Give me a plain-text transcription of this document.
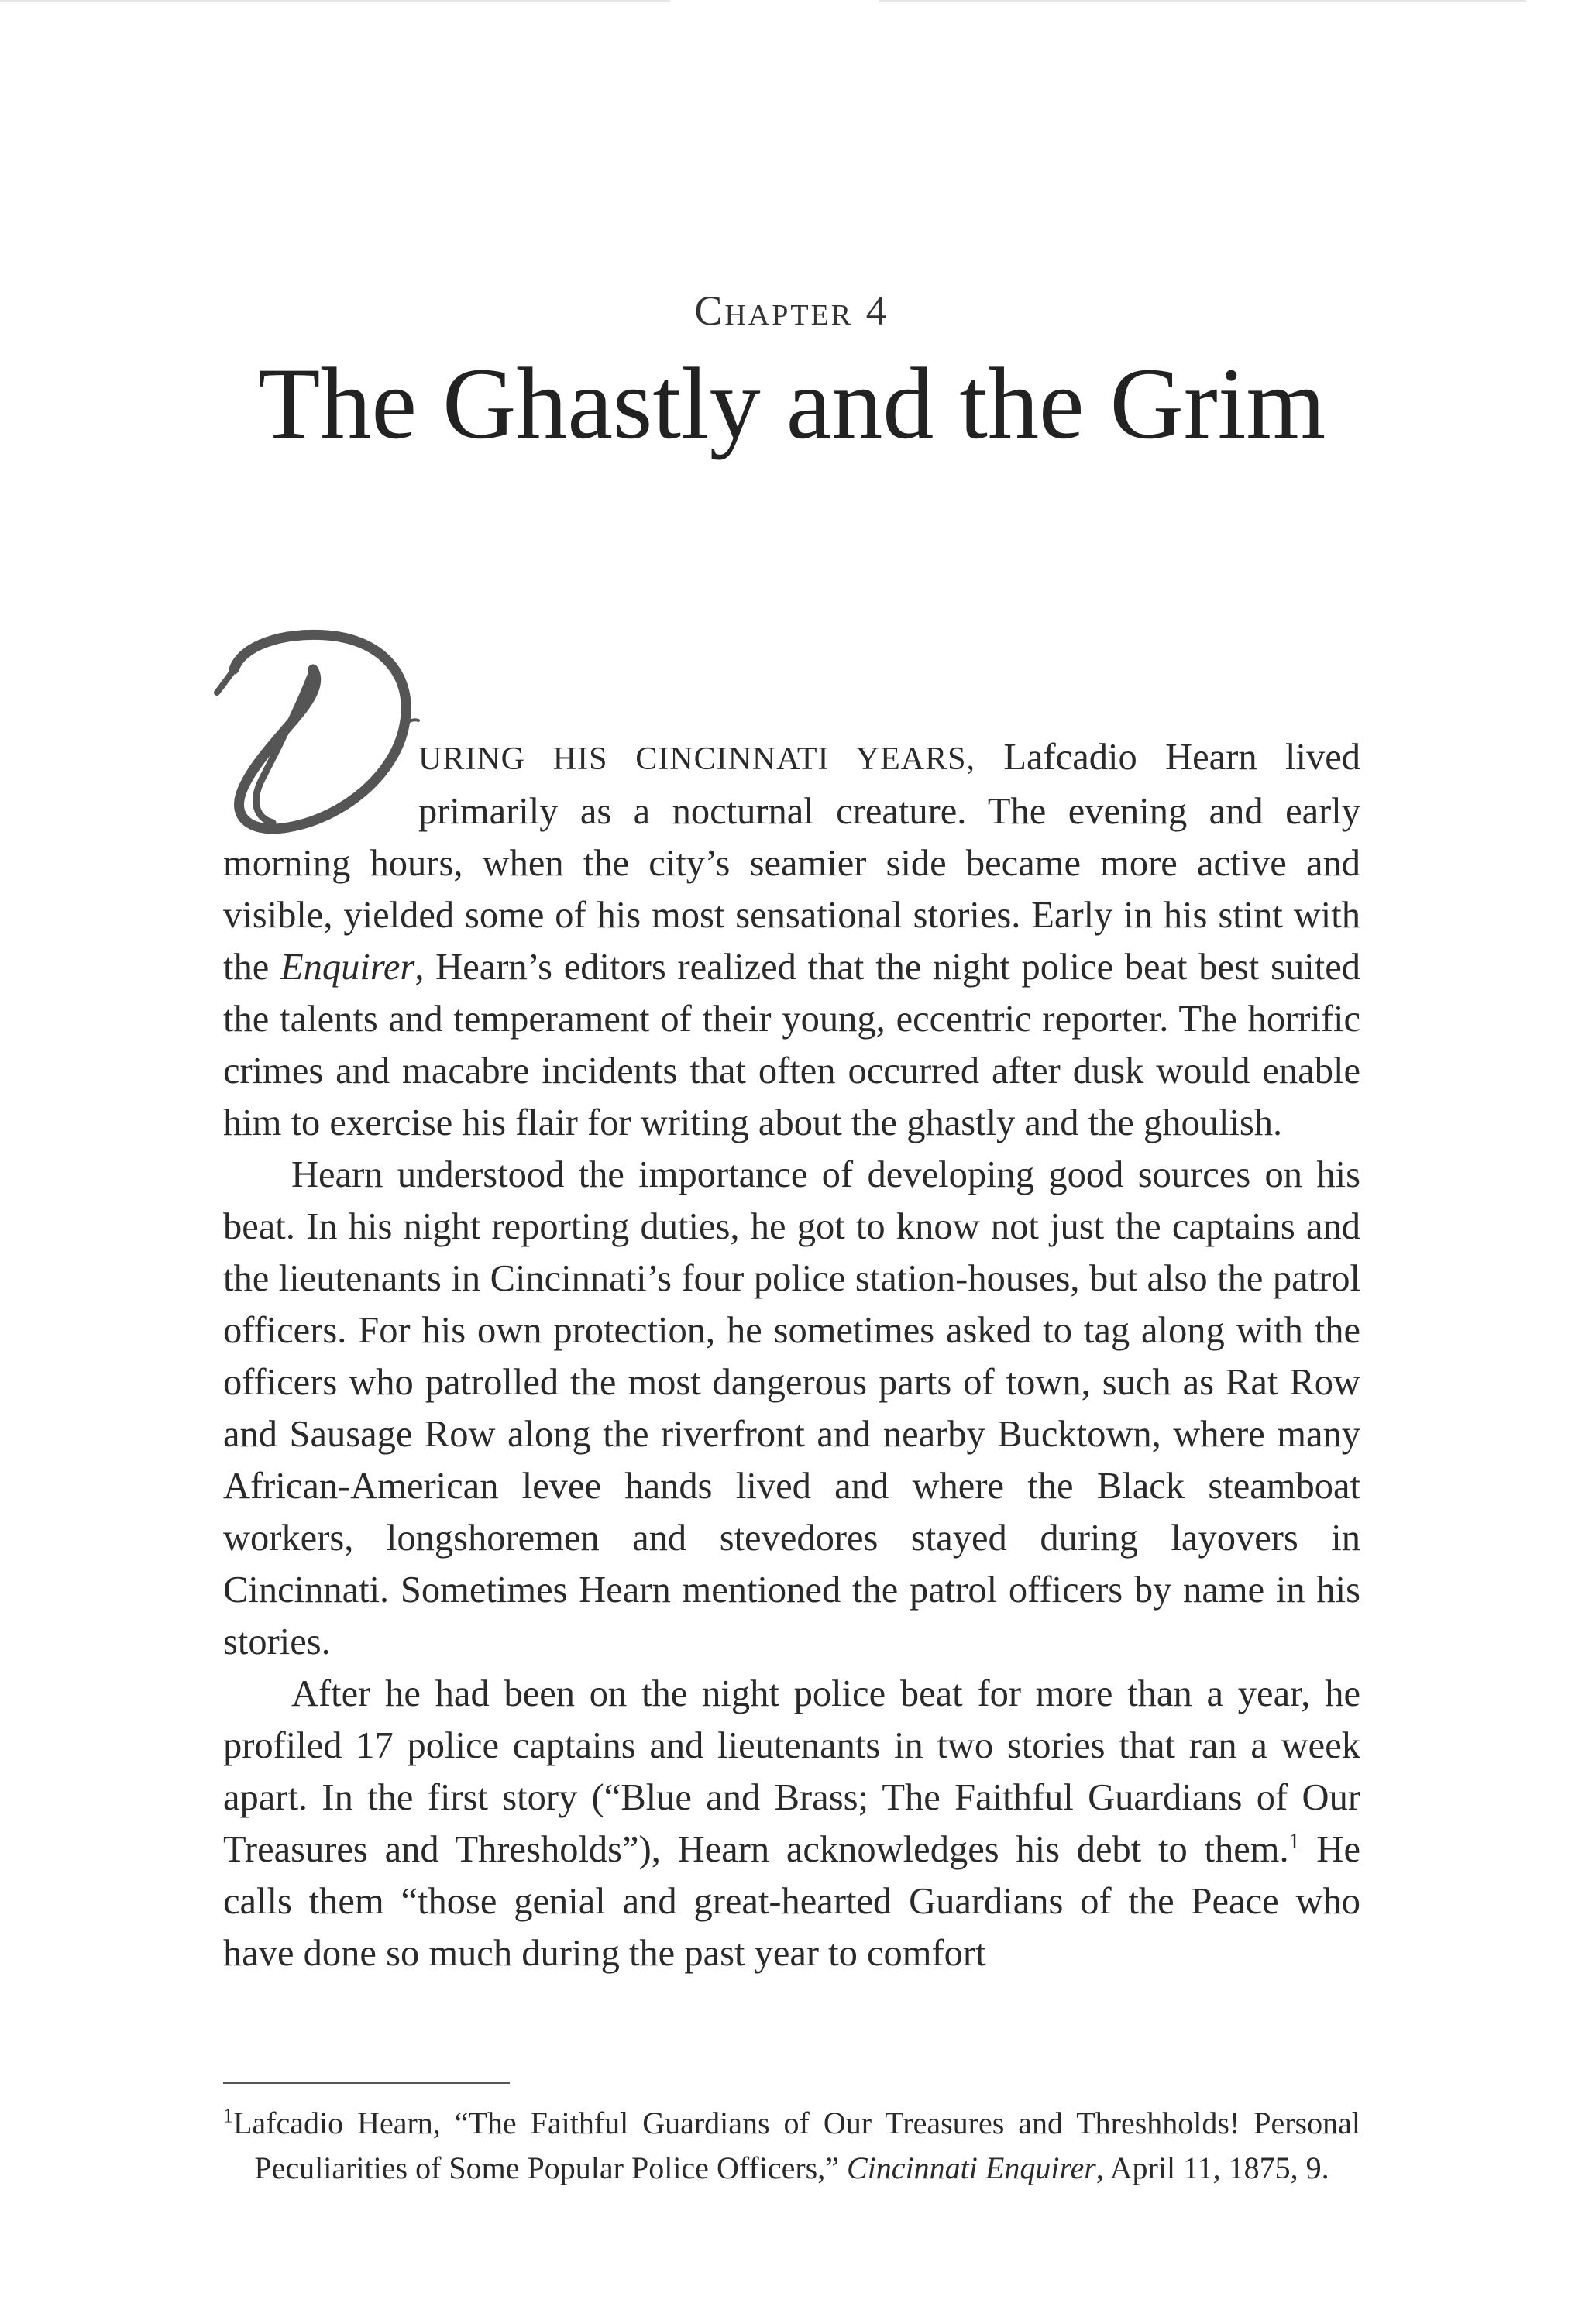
Chapter 4
The Ghastly and the Grim

URING HIS CINCINNATI YEARS, Lafcadio Hearn lived primarily as a nocturnal creature. The evening and early morning hours, when the city’s seamier side became more active and visible, yielded some of his most sensational stories. Early in his stint with the Enquirer, Hearn’s editors realized that the night police beat best suited the talents and temperament of their young, eccentric reporter. The horrific crimes and macabre incidents that often occurred after dusk would enable him to exercise his flair for writing about the ghastly and the ghoulish.

Hearn understood the importance of developing good sources on his beat. In his night reporting duties, he got to know not just the captains and the lieutenants in Cincinnati’s four police station-houses, but also the patrol officers. For his own protection, he sometimes asked to tag along with the officers who patrolled the most dangerous parts of town, such as Rat Row and Sausage Row along the riverfront and nearby Bucktown, where many African-American levee hands lived and where the Black steamboat workers, longshoremen and stevedores stayed during layovers in Cincinnati. Sometimes Hearn mentioned the patrol officers by name in his stories.

After he had been on the night police beat for more than a year, he profiled 17 police captains and lieutenants in two stories that ran a week apart. In the first story (“Blue and Brass; The Faithful Guardians of Our Treasures and Thresholds”), Hearn acknowledges his debt to them.$^1$ He calls them “those genial and great-hearted Guardians of the Peace who have done so much during the past year to comfort

$^1$Lafcadio Hearn, “The Faithful Guardians of Our Treasures and Threshholds! Personal Peculiarities of Some Popular Police Officers,” Cincinnati Enquirer, April 11, 1875, 9.
